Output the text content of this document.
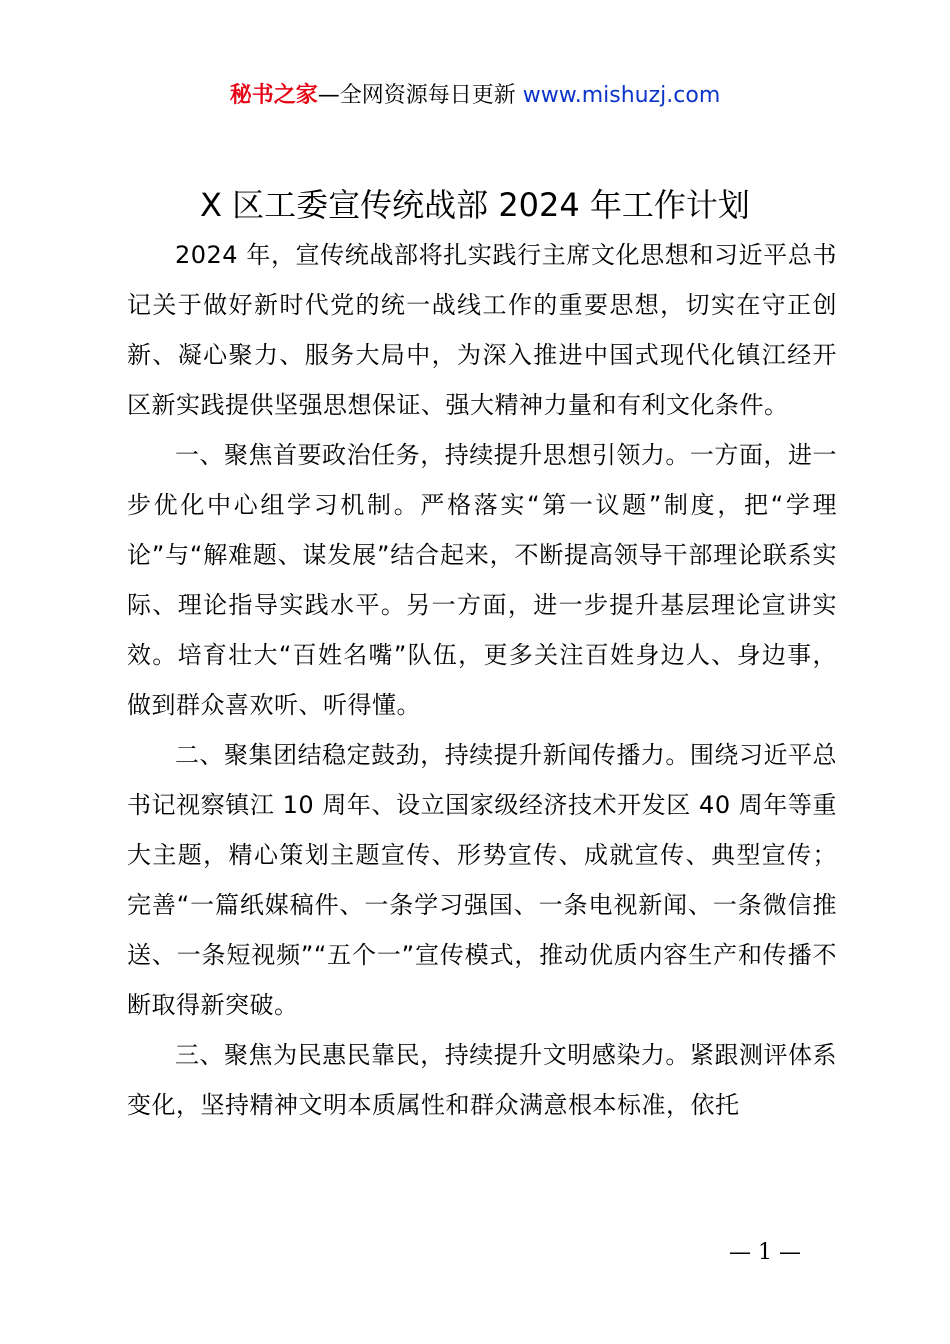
秘书之家—全网资源每日更新 www.mishuzj.com
X 区工委宣传统战部 2024 年工作计划

2024 年，宣传统战部将扎实践行主席文化思想和习近平总书记关于做好新时代党的统一战线工作的重要思想，切实在守正创新、凝心聚力、服务大局中，为深入推进中国式现代化镇江经开区新实践提供坚强思想保证、强大精神力量和有利文化条件。

一、聚焦首要政治任务，持续提升思想引领力。一方面，进一步优化中心组学习机制。严格落实“第一议题”制度，把“学理论”与“解难题、谋发展”结合起来，不断提高领导干部理论联系实际、理论指导实践水平。另一方面，进一步提升基层理论宣讲实效。培育壮大“百姓名嘴”队伍，更多关注百姓身边人、身边事，做到群众喜欢听、听得懂。

二、聚集团结稳定鼓劲，持续提升新闻传播力。围绕习近平总书记视察镇江 10 周年、设立国家级经济技术开发区 40 周年等重大主题，精心策划主题宣传、形势宣传、成就宣传、典型宣传；完善“一篇纸媒稿件、一条学习强国、一条电视新闻、一条微信推送、一条短视频”“五个一”宣传模式，推动优质内容生产和传播不断取得新突破。

三、聚焦为民惠民靠民，持续提升文明感染力。紧跟测评体系变化，坚持精神文明本质属性和群众满意根本标准，依托

— 1 —
